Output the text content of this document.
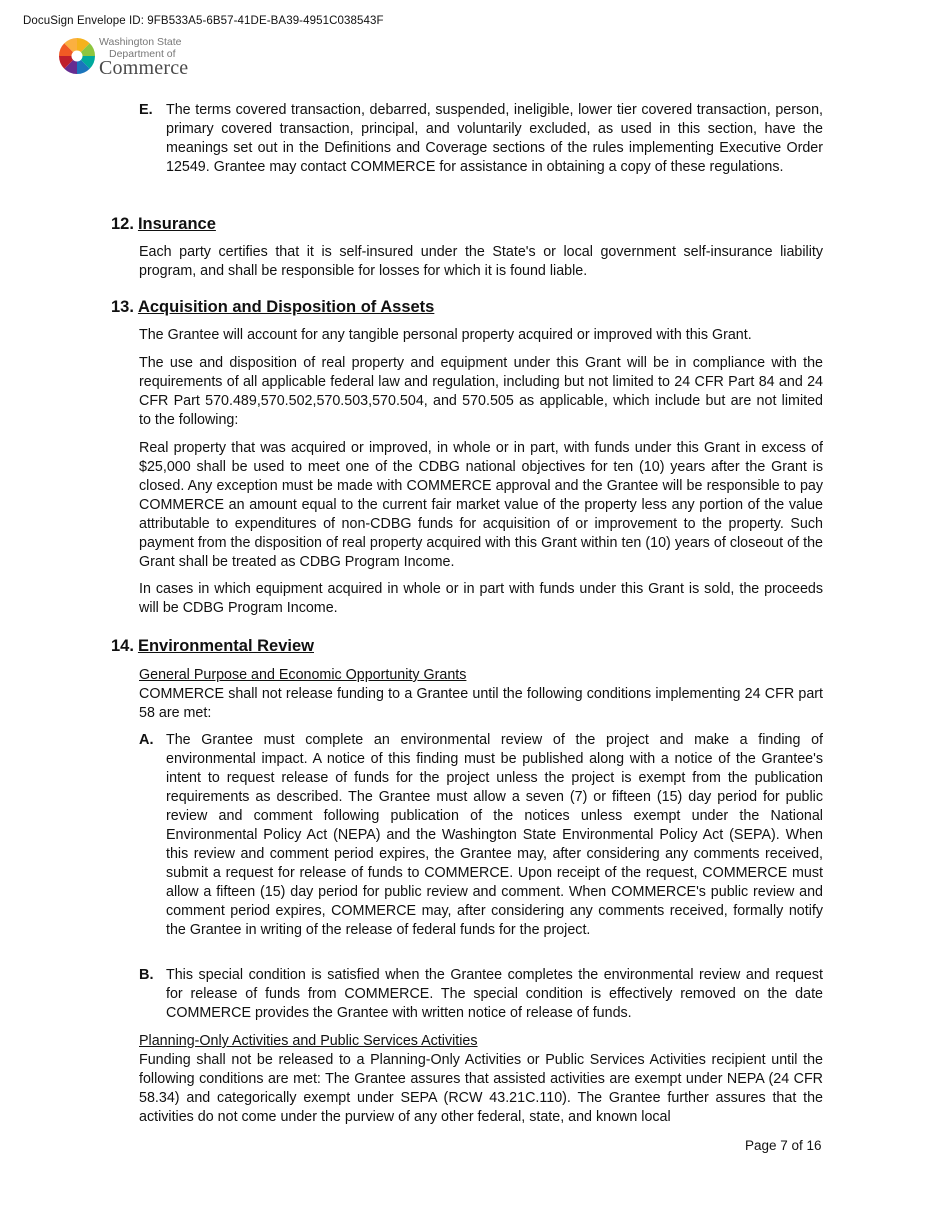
DocuSign Envelope ID: 9FB533A5-6B57-41DE-BA39-4951C038543F
Washington State
Department of
Commerce
E. The terms covered transaction, debarred, suspended, ineligible, lower tier covered transaction, person, primary covered transaction, principal, and voluntarily excluded, as used in this section, have the meanings set out in the Definitions and Coverage sections of the rules implementing Executive Order 12549. Grantee may contact COMMERCE for assistance in obtaining a copy of these regulations.
12. Insurance

Each party certifies that it is self-insured under the State's or local government self-insurance liability program, and shall be responsible for losses for which it is found liable.

13. Acquisition and Disposition of Assets

The Grantee will account for any tangible personal property acquired or improved with this Grant.

The use and disposition of real property and equipment under this Grant will be in compliance with the requirements of all applicable federal law and regulation, including but not limited to 24 CFR Part 84 and 24 CFR Part 570.489,570.502,570.503,570.504, and 570.505 as applicable, which include but are not limited to the following:

Real property that was acquired or improved, in whole or in part, with funds under this Grant in excess of $25,000 shall be used to meet one of the CDBG national objectives for ten (10) years after the Grant is closed. Any exception must be made with COMMERCE approval and the Grantee will be responsible to pay COMMERCE an amount equal to the current fair market value of the property less any portion of the value attributable to expenditures of non-CDBG funds for acquisition of or improvement to the property. Such payment from the disposition of real property acquired with this Grant within ten (10) years of closeout of the Grant shall be treated as CDBG Program Income.

In cases in which equipment acquired in whole or in part with funds under this Grant is sold, the proceeds will be CDBG Program Income.

14. Environmental Review
General Purpose and Economic Opportunity Grants

COMMERCE shall not release funding to a Grantee until the following conditions implementing 24 CFR part 58 are met:

A. The Grantee must complete an environmental review of the project and make a finding of environmental impact. A notice of this finding must be published along with a notice of the Grantee's intent to request release of funds for the project unless the project is exempt from the publication requirements as described. The Grantee must allow a seven (7) or fifteen (15) day period for public review and comment following publication of the notices unless exempt under the National Environmental Policy Act (NEPA) and the Washington State Environmental Policy Act (SEPA). When this review and comment period expires, the Grantee may, after considering any comments received, submit a request for release of funds to COMMERCE. Upon receipt of the request, COMMERCE must allow a fifteen (15) day period for public review and comment. When COMMERCE's public review and comment period expires, COMMERCE may, after considering any comments received, formally notify the Grantee in writing of the release of federal funds for the project.
B. This special condition is satisfied when the Grantee completes the environmental review and request for release of funds from COMMERCE. The special condition is effectively removed on the date COMMERCE provides the Grantee with written notice of release of funds.
Planning-Only Activities and Public Services Activities

Funding shall not be released to a Planning-Only Activities or Public Services Activities recipient until the following conditions are met: The Grantee assures that assisted activities are exempt under NEPA (24 CFR 58.34) and categorically exempt under SEPA (RCW 43.21C.110). The Grantee further assures that the activities do not come under the purview of any other federal, state, and known local

Page 7 of 16
